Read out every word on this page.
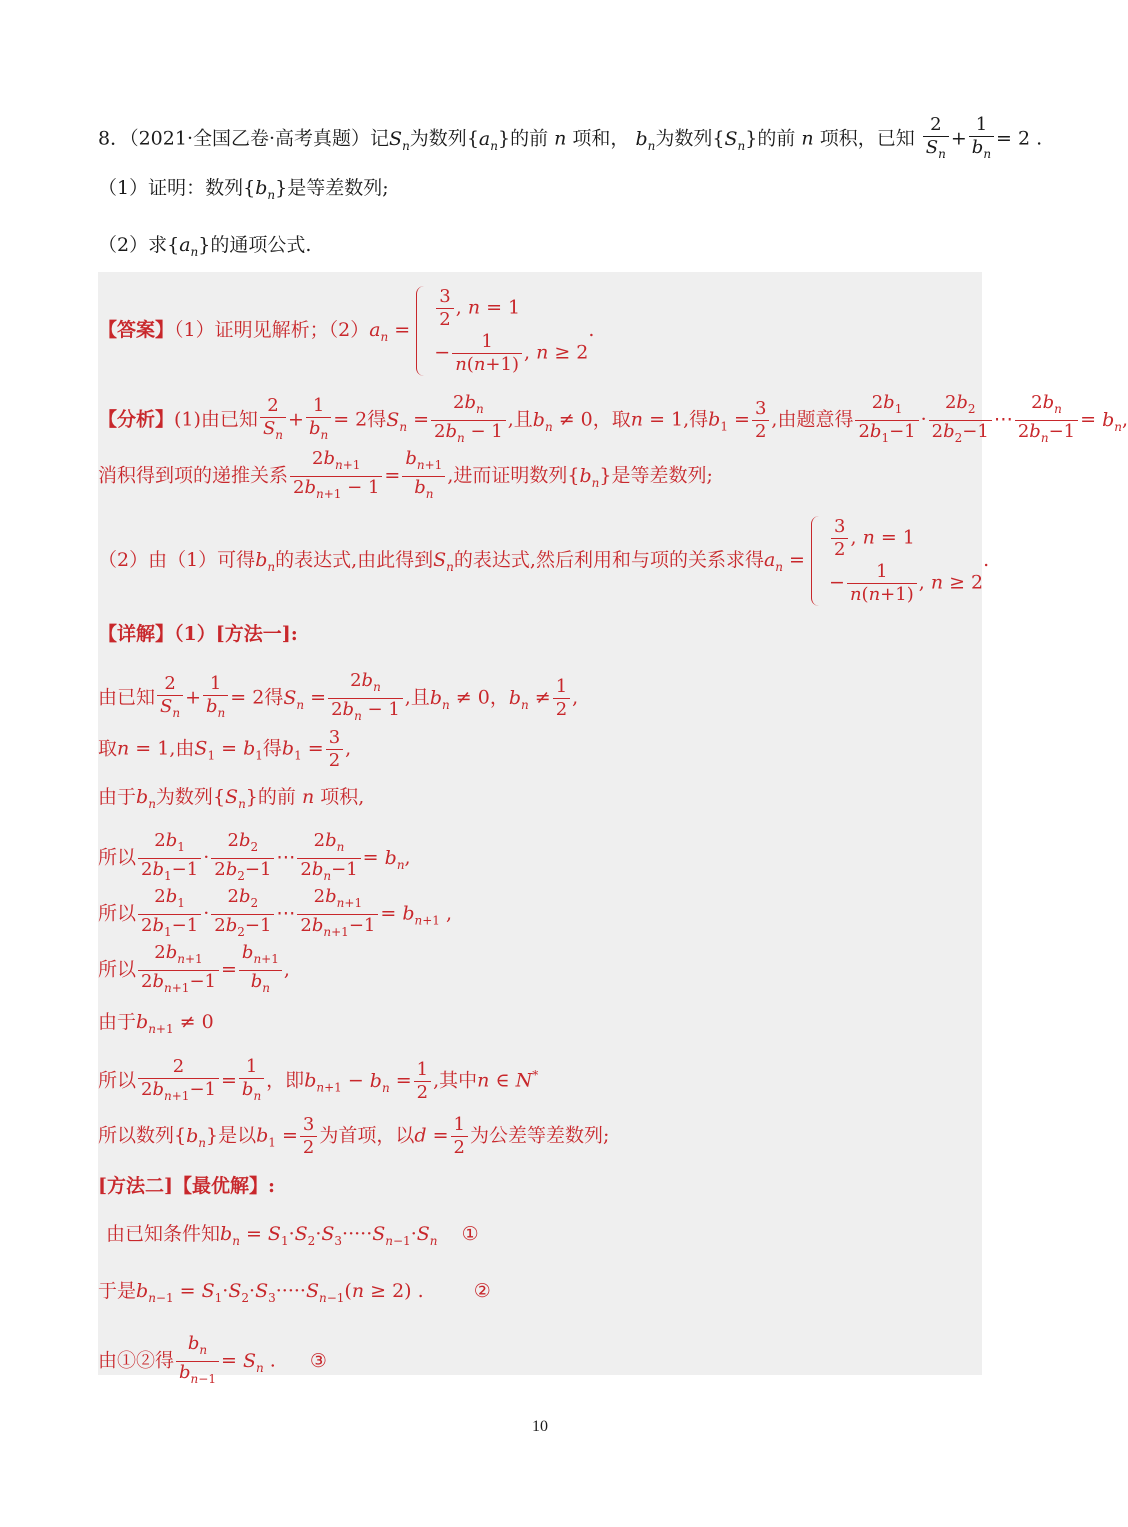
8．（2021·全国乙卷·高考真题）记$S_n$为数列$\{a_n\}$的前 n 项和， $b_n$为数列$\{S_n\}$的前 n 项积，已知 $\frac{2}{S_n} + \frac{1}{b_n} = 2$ .
（1）证明：数列$\{b_n\}$是等差数列;
（2）求$\{a_n\}$的通项公式.
【答案】（1）证明见解析；$(2)a_n = \frac{3}{2}$ , n = 1
− $\frac{1}{n(n+1)}$ , n ≥ 2
.
【分析】(1)由已知 $\frac{2}{S_n} + \frac{1}{b_n} = 2$得$S_n = \frac{2b_n}{2b_n - 1}$ ,且$b_n \ne 0$，取n = 1,得$b_1 = \frac{3}{2}$ ,由题意得 $\frac{2b_1}{2b_1-1} \cdot \frac{2b_2}{2b_2-1}$ ⋯ $\frac{2b_n}{2b_n-1} = b_n$,
消积得到项的递推关系 $\frac{2b_{n+1}}{2b_{n+1} - 1} = \frac{b_{n+1}}{b_n}$ ,进而证明数列$\{b_n\}$是等差数列;
（2）由（1）可得$b_n$的表达式,由此得到$S_n$的表达式,然后利用和与项的关系求得$a_n = \frac{3}{2}$ , n = 1
− $\frac{1}{n(n+1)}$ , n ≥ 2
.
【详解】（1）[方法一]:
由已知 $\frac{2}{S_n} + \frac{1}{b_n} = 2$得$S_n = \frac{2b_n}{2b_n - 1}$ ,且$b_n \ne 0$，$b_n \ne \frac{1}{2}$ ,
取n = 1,由$S_1 = b_1$得$b_1 = \frac{3}{2}$ ,
由于$b_n$为数列$\{S_n\}$的前 n 项积,
所以 $\frac{2b_1}{2b_1-1} \cdot \frac{2b_2}{2b_2-1}$ ⋯ $\frac{2b_n}{2b_n-1} = b_n$,
所以 $\frac{2b_1}{2b_1-1} \cdot \frac{2b_2}{2b_2-1}$ ⋯ $\frac{2b_{n+1}}{2b_{n+1}-1} = b_{n+1}$ ,
所以 $\frac{2b_{n+1}}{2b_{n+1}-1} = \frac{b_{n+1}}{b_n}$ ,
由于$b_{n+1} \ne 0$
所以 $\frac{2}{2b_{n+1}-1} = \frac{1}{b_n}$ ，即$b_{n+1} - b_n = \frac{1}{2}$ ,其中n ∈ N*
所以数列$\{b_n\}$是以$b_1 = \frac{3}{2}$ 为首项，以$d = \frac{1}{2}$ 为公差等差数列;
[方法二]【最优解】:
由已知条件知$b_n = S_1\cdot S_2\cdot S_3\cdot\cdot\cdot\cdot\cdot S_{n-1}\cdot S_n$ ①
于是$b_{n-1} = S_1\cdot S_2\cdot S_3\cdot\cdot\cdot\cdot\cdot S_{n-1}(n \ge 2)$ . ②
由①②得 $\frac{b_n}{b_{n-1}} = S_n$ . ③
10
